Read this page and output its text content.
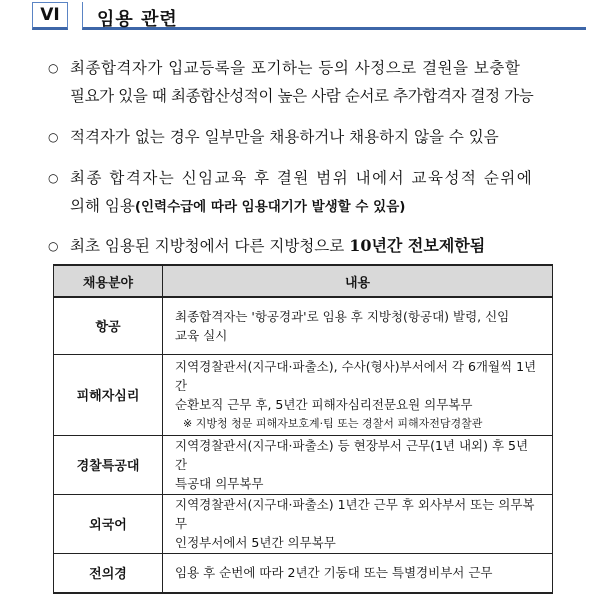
VI	임용 관련
○ 최종합격자가 입교등록을 포기하는 등의 사정으로 결원을 보충할
필요가 있을 때 최종합산성적이 높은 사람 순서로 추가합격자 결정 가능
○ 적격자가 없는 경우 일부만을 채용하거나 채용하지 않을 수 있음
○ 최종 합격자는 신임교육 후 결원 범위 내에서 교육성적 순위에
의해 임용(인력수급에 따라 임용대기가 발생할 수 있음)
○ 최초 임용된 지방청에서 다른 지방청으로 10년간 전보제한됨
채용분야	내용
항공	최종합격자는 '항공경과'로 임용 후 지방청(항공대) 발령, 신임
교육 실시

피해자심리	지역경찰관서(지구대·파출소), 수사(형사)부서에서 각 6개월씩 1년간
순환보직 근무 후, 5년간 피해자심리전문요원 의무복무
※ 지방청 청문 피해자보호계·팀 또는 경찰서 피해자전담경찰관

경찰특공대	지역경찰관서(지구대·파출소) 등 현장부서 근무(1년 내외) 후 5년간
특공대 의무복무

외국어	지역경찰관서(지구대·파출소) 1년간 근무 후 외사부서 또는 의무복무
인정부서에서 5년간 의무복무

전의경	임용 후 순번에 따라 2년간 기동대 또는 특별경비부서 근무
